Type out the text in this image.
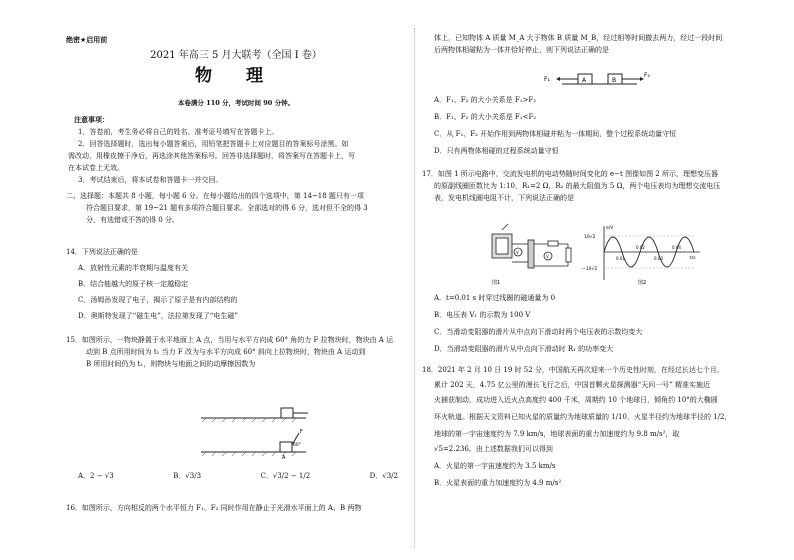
绝密★启用前
2021 年高三 5 月大联考（全国 I 卷）
物 理
本卷满分 110 分，考试时间 90 分钟。
注意事项：
1．答卷前，考生务必将自己的姓名、准考证号填写在答题卡上。
2．回答选择题时，选出每小题答案后，用铅笔把答题卡上对应题目的答案标号涂黑。如
需改动，用橡皮擦干净后，再选涂其他答案标号。回答非选择题时，将答案写在答题卡上，写
在本试卷上无效。
3．考试结束后，将本试卷和答题卡一并交回。
二、选择题：本题共 8 小题，每小题 6 分。在每小题给出的四个选项中，第 14~18 题只有一项
符合题目要求，第 19~21 题有多项符合题目要求。全部选对的得 6 分，选对但不全的得 3
分，有选错或不答的得 0 分。
14．下列说法正确的是
A．放射性元素的半衰期与温度有关
B．结合能越大的原子核一定越稳定
C．汤姆孙发现了电子，揭示了原子是有内部结构的
D．奥斯特发现了“磁生电”，法拉第发现了“电生磁”
15．如图所示，一物块静置于水平地面上 A 点，当用与水平方向成 60° 角的力 F 拉物块时，物块由 A 运
动到 B 点所用时间为 t₁ 当力 F 改为与水平方向成 60° 斜向上拉物块时，物块由 A 运动到
B 所用时间仍为 t₁，则物块与地面之间的动摩擦因数为
F
60°
A
A．2 − √3	B．√3/3	C．√3/2 − 1/2	D．√3/2
16．如图所示，方向相反的两个水平恒力 F₁、F₂ 同时作用在静止于光滑水平面上的 A、B 两物
体上，已知物体 A 质量 M_A 大于物体 B 质量 M_B，经过相等时间撤去两力，经过一段时间
后两物体相碰粘为一体并恰好停止，则下列说法正确的是
F₁	A	B
F₂
A．F₁、F₂ 的大小关系是 F₁>F₂
B．F₁、F₂ 的大小关系是 F₁<F₂
C．从 F₁、F₂ 开始作用到两物体相碰并粘为一体期间，整个过程系统动量守恒
D．只有两物体相碰的过程系统动量守恒
17．如图 1 所示电路中，交流发电机的电动势随时间变化的 e−t 图像如图 2 所示，理想变压器
的原副线圈匝数比为 1:10，R₁=2 Ω，R₂ 的最大阻值为 5 Ω，两个电压表均为理想交流电压
表，发电机线圈电阻不计，下列说法正确的是
V
V
图1
e/V
t/s
10√2
−10√2
0.01
0.02
0.03
0.04
图2
A．t=0.01 s 时穿过线圈的磁通量为 0
B．电压表 V₁ 的示数为 100 V
C．当滑动变阻器的滑片从中点向下滑动时两个电压表的示数均变大
D．当滑动变阻器的滑片从中点向下滑动时 R₁ 的功率变大
18．2021 年 2 月 10 日 19 时 52 分，中国航天再次迎来一个历史性时刻，在经过长达七个月，
累计 202 天，4.75 亿公里的漫长飞行之后，中国首颗火星探测器“天问一号” 精准实施近
火捕获制动，成功进入近火点高度约 400 千米，周期约 10 个地球日，倾角约 10°的大椭圆
环火轨道。根据天文资料已知火星的质量约为地球质量的 1/10，火星半径约为地球半径的 1/2，
地球的第一宇宙速度约为 7.9 km/s，地球表面的重力加速度约为 9.8 m/s²，取
√5=2.236。由上述数据我们可以得到
A．火星的第一宇宙速度约为 3.5 km/s
B．火星表面的重力加速度约为 4.9 m/s²
